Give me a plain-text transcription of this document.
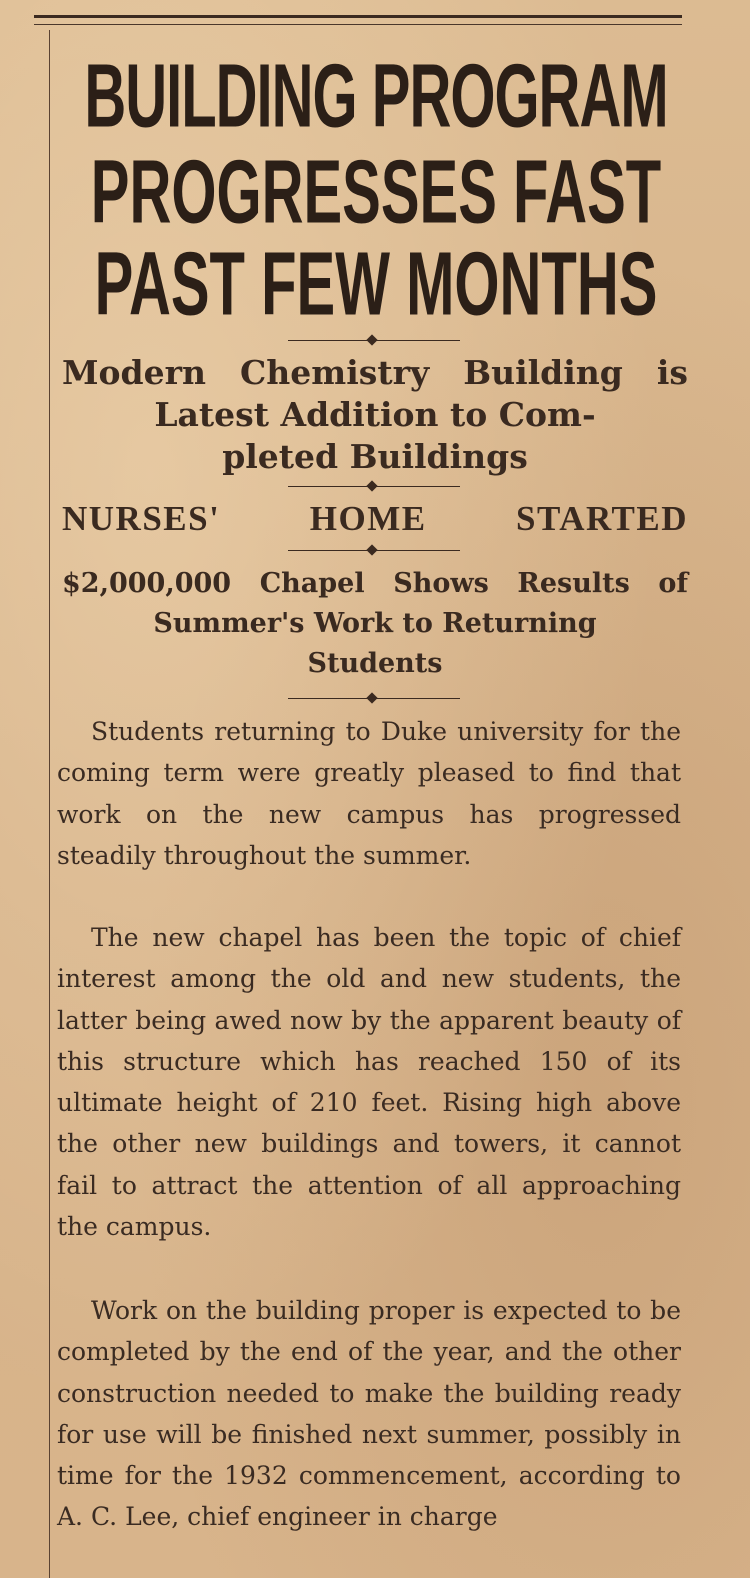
BUILDING PROGRAM
PROGRESSES FAST
PAST FEW MONTHS
Modern Chemistry Building is
Latest Addition to Com-
pleted Buildings
NURSES' HOME STARTED
$2,000,000 Chapel Shows Results of
Summer's Work to Returning
Students

Students returning to Duke university for the coming term were greatly pleased to find that work on the new campus has progressed steadily throughout the summer.

The new chapel has been the topic of chief interest among the old and new students, the latter being awed now by the apparent beauty of this structure which has reached 150 of its ultimate height of 210 feet. Rising high above the other new buildings and towers, it cannot fail to attract the attention of all approaching the campus.

Work on the building proper is expected to be completed by the end of the year, and the other construction needed to make the building ready for use will be finished next summer, possibly in time for the 1932 commencement, according to A. C. Lee, chief engineer in charge
